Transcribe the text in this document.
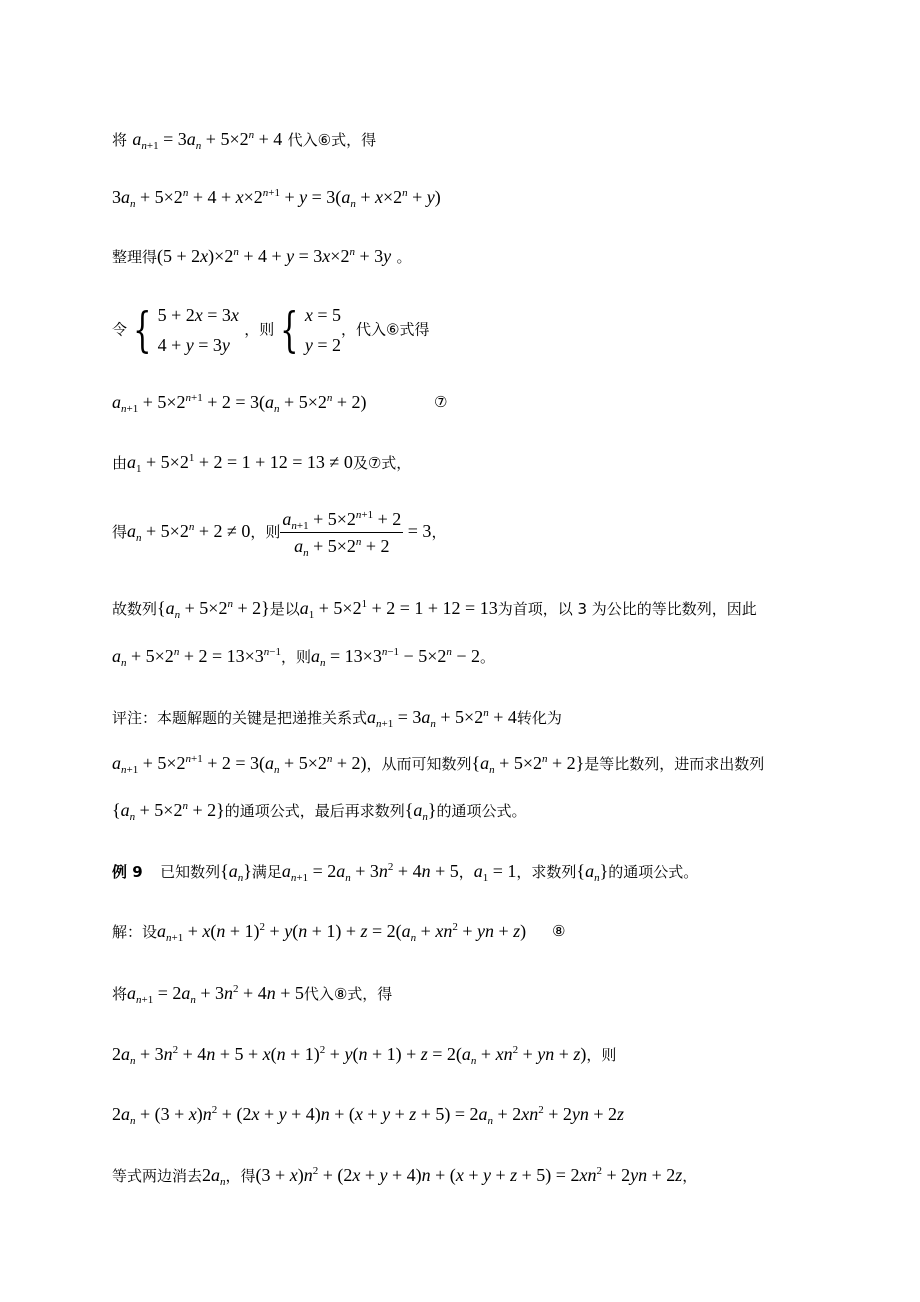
将 $a_{n+1} = 3a_n + 5\times 2^n + 4$ 代入⑥式，得
$3a_n + 5\times 2^n + 4 + x\times 2^{n+1} + y = 3(a_n + x\times 2^n + y)$
整理得$(5 + 2x)\times 2^n + 4 + y = 3x\times 2^n + 3y$ 。
令 { 5 + 2x = 3x
4 + y = 3y
，则 { x = 5
y = 2
，代入⑥式得
$a_{n+1} + 5\times 2^{n+1} + 2 = 3(a_n + 5\times 2^n + 2)$	⑦
由$a_1 + 5\times 2^1 + 2 = 1 + 12 = 13 \ne 0$及⑦式，
得$a_n + 5\times 2^n + 2 \ne 0$，则 $\frac{a_{n+1} + 5\times 2^{n+1} + 2}{a_n + 5\times 2^n + 2} = 3$，
故数列$\{a_n + 5\times 2^n + 2\}$是以$a_1 + 5\times 2^1 + 2 = 1 + 12 = 13$为首项，以 3 为公比的等比数列，因此
$a_n + 5\times 2^n + 2 = 13\times 3^{n-1}$，则$a_n = 13\times 3^{n-1} - 5\times 2^n - 2$。
评注：本题解题的关键是把递推关系式$a_{n+1} = 3a_n + 5\times 2^n + 4$转化为
$a_{n+1} + 5\times 2^{n+1} + 2 = 3(a_n + 5\times 2^n + 2)$，从而可知数列$\{a_n + 5\times 2^n + 2\}$是等比数列，进而求出数列
$\{a_n + 5\times 2^n + 2\}$的通项公式，最后再求数列$\{a_n\}$的通项公式。
例 9 已知数列$\{a_n\}$满足$a_{n+1} = 2a_n + 3n^2 + 4n + 5$，$a_1 = 1$，求数列$\{a_n\}$的通项公式。
解：设$a_{n+1} + x(n + 1)^2 + y(n + 1) + z = 2(a_n + xn^2$ + yn + z) ⑧
将$a_{n+1} = 2a_n + 3n^2 + 4n + 5$代入⑧式，得
$2a_n + 3n^2 + 4n + 5 + x(n + 1)^2 + y(n + 1) + z = 2(a_n + xn^2$ + yn + z)，则
$2a_n + (3 + x)n^2 + (2x + y + 4)n + (x + y + z + 5) = 2a_n + 2xn^2 + 2yn + 2z$
等式两边消去$2a_n$，得$(3 + x)n^2 + (2x + y + 4)n + (x + y + z + 5) = 2xn^2 + 2yn + 2z$，
